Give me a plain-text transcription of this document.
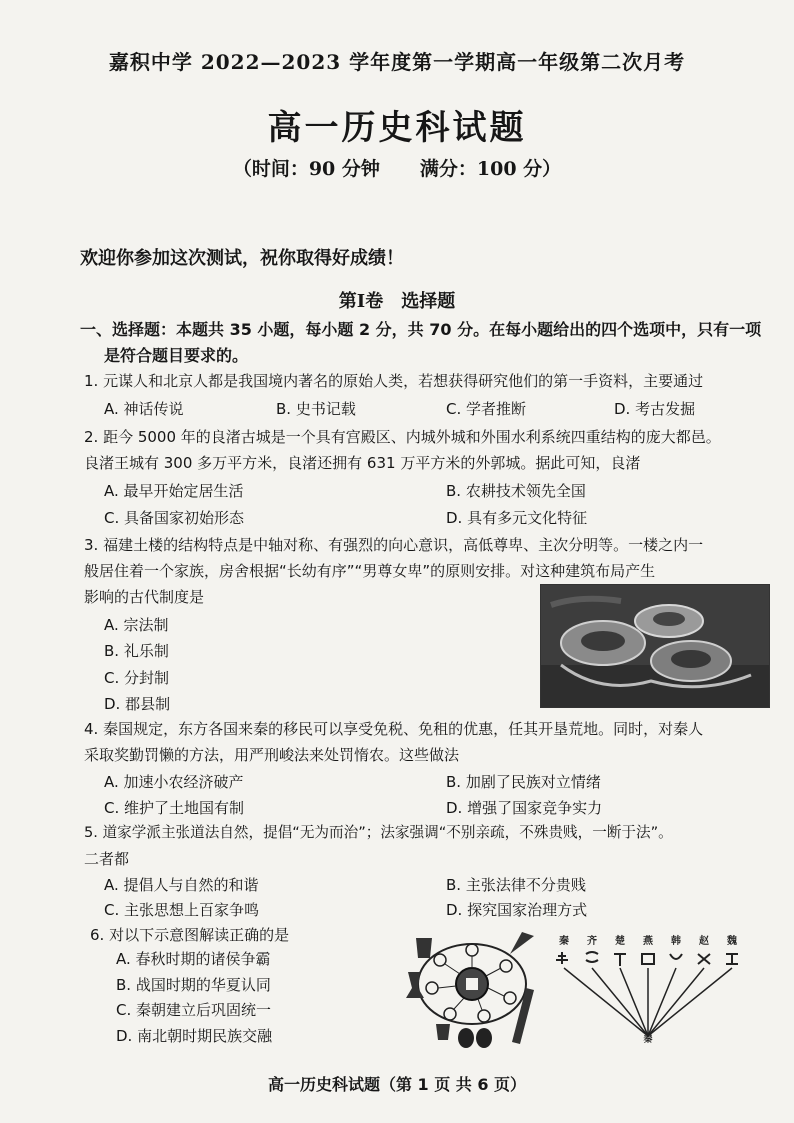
嘉积中学 2022—2023 学年度第一学期高一年级第二次月考
高一历史科试题
（时间：90 分钟 满分：100 分）
欢迎你参加这次测试，祝你取得好成绩！
第Ⅰ卷 选择题
一、选择题：本题共 35 小题，每小题 2 分，共 70 分。在每小题给出的四个选项中，只有一项
是符合题目要求的。
1. 元谋人和北京人都是我国境内著名的原始人类，若想获得研究他们的第一手资料，主要通过
A. 神话传说	B. 史书记载	C. 学者推断	D. 考古发掘
2. 距今 5000 年的良渚古城是一个具有宫殿区、内城外城和外围水利系统四重结构的庞大都邑。
良渚王城有 300 多万平方米，良渚还拥有 631 万平方米的外郭城。据此可知，良渚
A. 最早开始定居生活	B. 农耕技术领先全国
C. 具备国家初始形态	D. 具有多元文化特征
3. 福建土楼的结构特点是中轴对称、有强烈的向心意识，高低尊卑、主次分明等。一楼之内一
般居住着一个家族，房舍根据“长幼有序”“男尊女卑”的原则安排。对这种建筑布局产生
影响的古代制度是
A. 宗法制
B. 礼乐制
C. 分封制
D. 郡县制
4. 秦国规定，东方各国来秦的移民可以享受免税、免租的优惠，任其开垦荒地。同时，对秦人
采取奖勤罚懒的方法，用严刑峻法来处罚惰农。这些做法
A. 加速小农经济破产	B. 加剧了民族对立情绪
C. 维护了土地国有制	D. 增强了国家竞争实力
5. 道家学派主张道法自然，提倡“无为而治”；法家强调“不别亲疏，不殊贵贱，一断于法”。
二者都
A. 提倡人与自然的和谐	B. 主张法律不分贵贱
C. 主张思想上百家争鸣	D. 探究国家治理方式
6. 对以下示意图解读正确的是
A. 春秋时期的诸侯争霸
B. 战国时期的华夏认同
C. 秦朝建立后巩固统一
D. 南北朝时期民族交融
秦 齐 楚 燕 韩 赵 魏
秦
高一历史科试题（第 1 页 共 6 页）
